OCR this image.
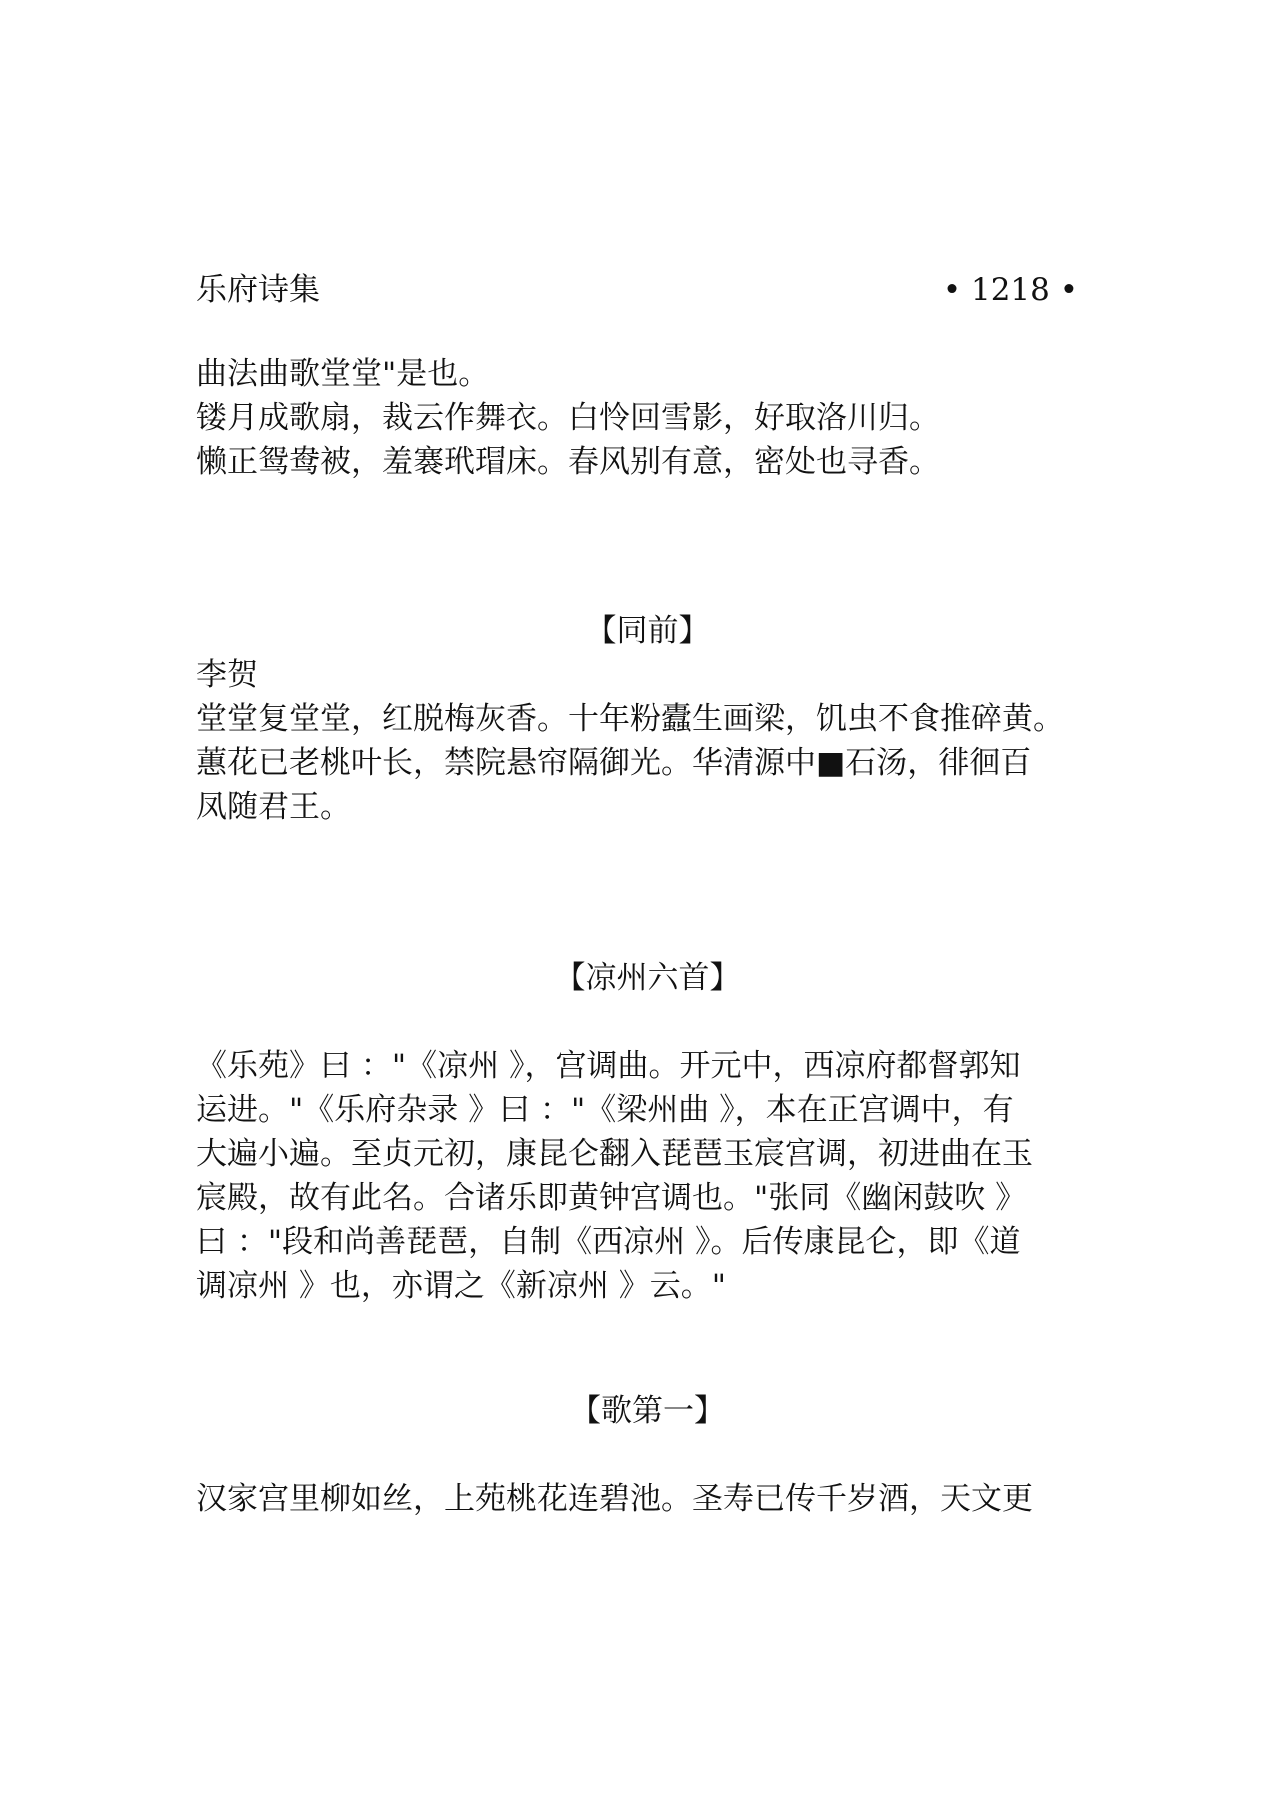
乐府诗集	• 1218 •
曲法曲歌堂堂"是也。
镂月成歌扇，裁云作舞衣。白怜回雪影，好取洛川归。
懒正鸳鸯被，羞褰玳瑁床。春风别有意，密处也寻香。
【同前】
李贺
堂堂复堂堂，红脱梅灰香。十年粉蠹生画梁，饥虫不食推碎黄。
蕙花已老桃叶长，禁院悬帘隔御光。华清源中■石汤，徘徊百
凤随君王。
【凉州六首】
《乐苑》曰 ："《凉州 》，宫调曲。开元中，西凉府都督郭知
运进。"《乐府杂录 》曰 ："《梁州曲 》，本在正宫调中，有
大遍小遍。至贞元初，康昆仑翻入琵琶玉宸宫调，初进曲在玉
宸殿，故有此名。合诸乐即黄钟宫调也。"张同《幽闲鼓吹 》
曰 ："段和尚善琵琶，自制《西凉州 》。后传康昆仑，即《道
调凉州 》也，亦谓之《新凉州 》云。"
【歌第一】
汉家宫里柳如丝，上苑桃花连碧池。圣寿已传千岁酒，天文更
